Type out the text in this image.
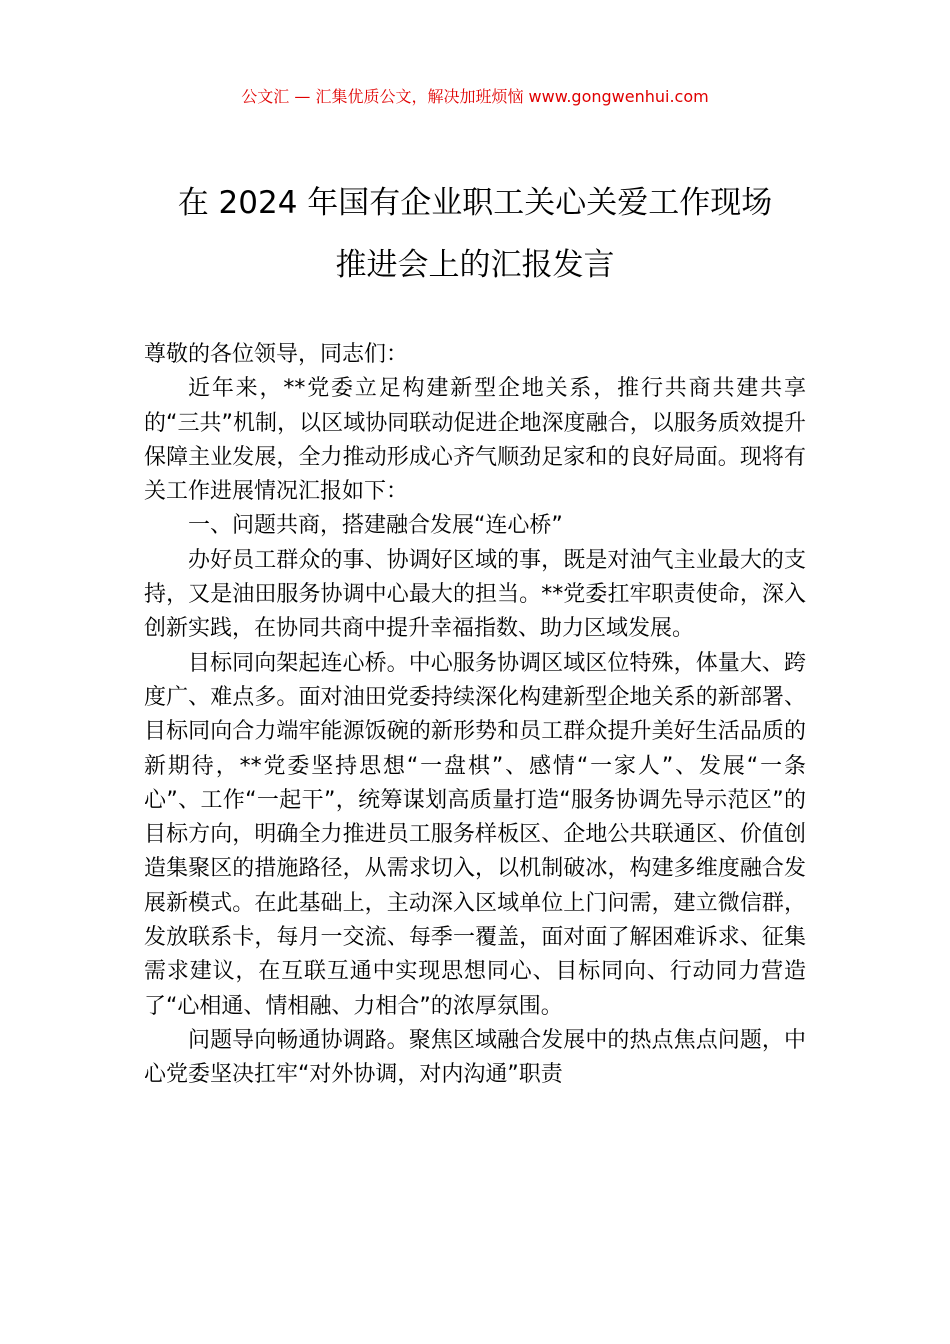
公文汇 — 汇集优质公文，解决加班烦恼 www.gongwenhui.com
在 2024 年国有企业职工关心关爱工作现场
推进会上的汇报发言

尊敬的各位领导，同志们：

近年来，**党委立足构建新型企地关系，推行共商共建共享的“三共”机制，以区域协同联动促进企地深度融合，以服务质效提升保障主业发展，全力推动形成心齐气顺劲足家和的良好局面。现将有关工作进展情况汇报如下：

一、问题共商，搭建融合发展“连心桥”

办好员工群众的事、协调好区域的事，既是对油气主业最大的支持，又是油田服务协调中心最大的担当。**党委扛牢职责使命，深入创新实践，在协同共商中提升幸福指数、助力区域发展。

目标同向架起连心桥。中心服务协调区域区位特殊，体量大、跨度广、难点多。面对油田党委持续深化构建新型企地关系的新部署、目标同向合力端牢能源饭碗的新形势和员工群众提升美好生活品质的新期待，**党委坚持思想“一盘棋”、感情“一家人”、发展“一条心”、工作“一起干”，统筹谋划高质量打造“服务协调先导示范区”的目标方向，明确全力推进员工服务样板区、企地公共联通区、价值创造集聚区的措施路径，从需求切入，以机制破冰，构建多维度融合发展新模式。在此基础上，主动深入区域单位上门问需，建立微信群，发放联系卡，每月一交流、每季一覆盖，面对面了解困难诉求、征集需求建议，在互联互通中实现思想同心、目标同向、行动同力营造了“心相通、情相融、力相合”的浓厚氛围。

问题导向畅通协调路。聚焦区域融合发展中的热点焦点问题，中心党委坚决扛牢“对外协调，对内沟通”职责
